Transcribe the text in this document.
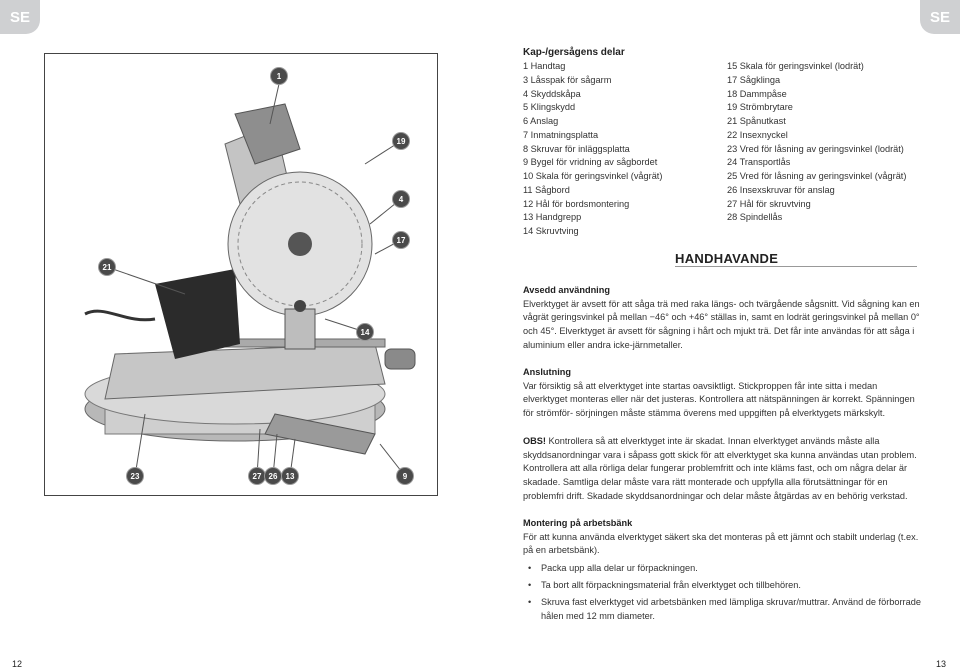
SE	SE
1
19
4
17
21
14
23	27 26	13	9
Kap-/gersågens delar
1 Handtag
3 Låsspak för sågarm
4 Skyddskåpa
5 Klingskydd
6 Anslag
7 Inmatningsplatta
8 Skruvar för inläggsplatta
9 Bygel för vridning av sågbordet
10 Skala för geringsvinkel (vågrät)
11 Sågbord
12 Hål för bordsmontering
13 Handgrepp
14 Skruvtving
15 Skala för geringsvinkel (lodrät)
17 Sågklinga
18 Dammpåse
19 Strömbrytare
21 Spånutkast
22 Insexnyckel
23 Vred för låsning av geringsvinkel (lodrät)
24 Transportlås
25 Vred för låsning av geringsvinkel (vågrät)
26 Insexskruvar för anslag
27 Hål för skruvtving
28 Spindellås
HANDHAVANDE
Avsedd användning

Elverktyget är avsett för att såga trä med raka längs- och tvärgående sågsnitt. Vid sågning kan en vågrät geringsvinkel på mellan −46° och +46° ställas in, samt en lodrät geringsvinkel på mellan 0° och 45°. Elverktyget är avsett för sågning i hårt och mjukt trä. Det får inte användas för att såga i aluminium eller andra icke-järnmetaller.

Anslutning

Var försiktig så att elverktyget inte startas oavsiktligt. Stickproppen får inte sitta i medan elverktyget monteras eller när det justeras. Kontrollera att nätspänningen är korrekt. Spänningen för strömför- sörjningen måste stämma överens med uppgiften på elverktygets märkskylt.

OBS! Kontrollera så att elverktyget inte är skadat. Innan elverktyget används måste alla skyddsanordningar vara i såpass gott skick för att elverktyget ska kunna användas utan problem. Kontrollera att alla rörliga delar fungerar problemfritt och inte kläms fast, och om några delar är skadade. Samtliga delar måste vara rätt monterade och uppfylla alla förutsättningar för en problemfri drift. Skadade skyddsanordningar och delar måste åtgärdas av en behörig verkstad.

Montering på arbetsbänk

För att kunna använda elverktyget säkert ska det monteras på ett jämnt och stabilt underlag (t.ex. på en arbetsbänk).

• Packa upp alla delar ur förpackningen.
• Ta bort allt förpackningsmaterial från elverktyget och tillbehören.
• Skruva fast elverktyget vid arbetsbänken med lämpliga skruvar/muttrar. Använd de förborrade hålen med 12 mm diameter.
12	13
